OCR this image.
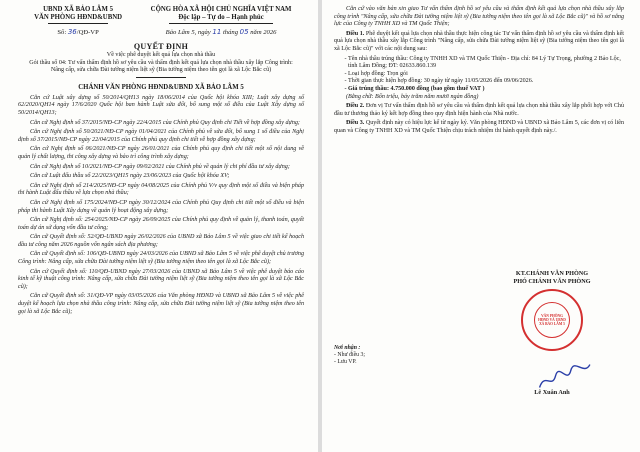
UBND XÃ BẢO LÂM 5
VĂN PHÒNG HĐND&UBND
CỘNG HÒA XÃ HỘI CHỦ NGHĨA VIỆT NAM
Độc lập – Tự do – Hạnh phúc
Số: 36/QĐ-VP	Bảo Lâm 5, ngày 11 tháng 05 năm 2026
QUYẾT ĐỊNH
Về việc phê duyệt kết quả lựa chọn nhà thầu
Gói thầu số 04: Tư vấn thẩm định hồ sơ yêu cầu và thẩm định kết quả lựa chọn nhà thầu xây lắp Công trình: Nâng cấp, sửa chữa Đài tưởng niệm liệt sỹ (Bia tưởng niệm theo tên gọi là xã Lộc Bắc cũ)
CHÁNH VĂN PHÒNG HĐND&UBND XÃ BẢO LÂM 5

Căn cứ Luật xây dựng số 50/2014/QH13 ngày 18/06/2014 của Quốc hội khóa XIII; Luật xây dựng số 62/2020/QH14 ngày 17/6/2020 Quốc hội ban hành Luật sửa đổi, bổ sung một số điều của Luật Xây dựng số 50/2014/QH13;

Căn cứ Nghị định số 37/2015/NĐ-CP ngày 22/4/2015 của Chính phủ Quy định chi Tiết về hợp đồng xây dựng;

Căn cứ Nghị định số 50/2021/NĐ-CP ngày 01/04/2021 của Chính phủ về sửa đổi, bổ sung 1 số điều của Nghị định số 37/2015/NĐ-CP ngày 22/04/2015 của Chính phủ quy định chi tiết về hợp đồng xây dựng;

Căn cứ Nghị định số 06/2021/NĐ-CP ngày 26/01/2021 của Chính phủ quy định chi tiết một số nội dung về quản lý chất lượng, thi công xây dựng và bảo trì công trình xây dựng;

Căn cứ Nghị định số 10/2021/NĐ-CP ngày 09/02/2021 của Chính phủ về quản lý chi phí đầu tư xây dựng;

Căn cứ Luật đấu thầu số 22/2023/QH15 ngày 23/06/2023 của Quốc hội khóa XV;

Căn cứ Nghị định số 214/2025/NĐ-CP ngày 04/08/2025 của Chính phủ V/v quy định một số điều và biện pháp thi hành Luật đấu thầu về lựa chọn nhà thầu;

Căn cứ Nghị định số 175/2024/NĐ-CP ngày 30/12/2024 của Chính phủ Quy định chi tiết một số điều và biện pháp thi hành Luật Xây dựng về quản lý hoạt động xây dựng;

Căn cứ Nghị định số: 254/2025/NĐ-CP ngày 26/09/2025 của Chính phủ quy định về quản lý, thanh toán, quyết toán dự án sử dụng vốn đầu tư công;

Căn cứ Quyết định số: 52/QĐ-UBND ngày 26/02/2026 của UBND xã Bảo Lâm 5 về việc giao chi tiết kế hoạch đầu tư công năm 2026 nguồn vốn ngân sách địa phương;

Căn cứ Quyết định số: 106/QĐ-UBND ngày 24/03/2026 của UBND xã Bảo Lâm 5 về việc phê duyệt chủ trương Công trình: Nâng cấp, sửa chữa Đài tưởng niệm liệt sỹ (Bia tưởng niệm theo tên gọi là xã Lộc Bắc cũ);

Căn cứ Quyết định số: 110/QĐ-UBND ngày 27/03/2026 của UBND xã Bảo Lâm 5 về việc phê duyệt báo cáo kinh tế kỹ thuật công trình: Nâng cấp, sửa chữa Đài tưởng niệm liệt sỹ (Bia tưởng niệm theo tên gọi là xã Lộc Bắc cũ);

Căn cứ Quyết định số: 31/QĐ-VP ngày 03/05/2026 của Văn phòng HĐND và UBND xã Bảo Lâm 5 về việc phê duyệt kế hoạch lựa chọn nhà thầu công trình: Nâng cấp, sửa chữa Đài tưởng niệm liệt sỹ (Bia tưởng niệm theo tên gọi là xã Lộc Bắc cũ);

Căn cứ vào văn bản xin giao Tư vấn thẩm định hồ sơ yêu cầu và thẩm định kết quả lựa chọn nhà thầu xây lắp công trình "Nâng cấp, sửa chữa Đài tưởng niệm liệt sỹ (Bia tưởng niệm theo tên gọi là xã Lộc Bắc cũ)" và hồ sơ năng lực của Công ty TNHH XD và TM Quốc Thiện;

Điều 1. Phê duyệt kết quả lựa chọn nhà thầu thực hiện công tác Tư vấn thẩm định hồ sơ yêu cầu và thẩm định kết quả lựa chọn nhà thầu xây lắp Công trình "Nâng cấp, sửa chữa Đài tưởng niệm liệt sỹ (Bia tưởng niệm theo tên gọi là xã Lộc Bắc cũ)" với các nội dung sau:

- Tên nhà thầu trúng thầu: Công ty TNHH XD và TM Quốc Thiện - Địa chỉ: 84 Lý Tự Trọng, phường 2 Bảo Lộc, tỉnh Lâm Đồng; ĐT: 02633.860.139
- Loại hợp đồng: Trọn gói
- Thời gian thực hiện hợp đồng: 30 ngày từ ngày 11/05/2026 đến 09/06/2026.
- Giá trúng thầu: 4.750.000 đồng (bao gồm thuế VAT )

(Bằng chữ: Bốn triệu, bảy trăm năm mươi ngàn đồng)

Điều 2. Đơn vị Tư vấn thẩm định hồ sơ yêu cầu và thẩm định kết quả lựa chọn nhà thầu xây lắp phối hợp với Chủ đầu tư thương thảo ký kết hợp đồng theo quy định hiện hành của Nhà nước.

Điều 3. Quyết định này có hiệu lực kể từ ngày ký. Văn phòng HĐND và UBND xã Bảo Lâm 5, các đơn vị có liên quan và Công ty TNHH XD và TM Quốc Thiện chịu trách nhiệm thi hành quyết định này./.

Nơi nhận :
- Như điều 3;
- Lưu VP.
KT.CHÁNH VĂN PHÒNG
PHÓ CHÁNH VĂN PHÒNG
VĂN PHÒNG HĐND VÀ UBND XÃ BẢO LÂM 5
Lê Xuân Anh
